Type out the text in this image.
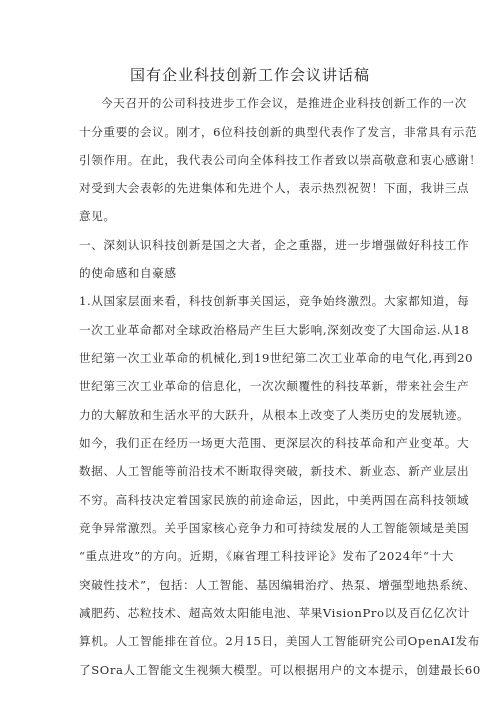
国有企业科技创新工作会议讲话稿
今天召开的公司科技进步工作会议，是推进企业科技创新工作的一次
十分重要的会议。刚才，6位科技创新的典型代表作了发言，非常具有示范
引领作用。在此，我代表公司向全体科技工作者致以崇高敬意和衷心感谢！
对受到大会表彰的先进集体和先进个人，表示热烈祝贺！下面，我讲三点
意见。
一、深刻认识科技创新是国之大者，企之重器，进一步增强做好科技工作
的使命感和自豪感
1.从国家层面来看，科技创新事关国运，竞争始终激烈。大家都知道，每
一次工业革命都对全球政治格局产生巨大影响,深刻改变了大国命运.从18
世纪第一次工业革命的机械化,到19世纪第二次工业革命的电气化,再到20
世纪第三次工业革命的信息化，一次次颠覆性的科技革新，带来社会生产
力的大解放和生活水平的大跃升，从根本上改变了人类历史的发展轨迹。
如今，我们正在经历一场更大范围、更深层次的科技革命和产业变革。大
数据、人工智能等前沿技术不断取得突破，新技术、新业态、新产业层出
不穷。高科技决定着国家民族的前途命运，因此，中美两国在高科技领域
竞争异常激烈。关乎国家核心竞争力和可持续发展的人工智能领域是美国
“重点进攻”的方向。近期，《麻省理工科技评论》发布了2024年“十大
突破性技术”，包括：人工智能、基因编辑治疗、热泵、增强型地热系统、
减肥药、芯粒技术、超高效太阳能电池、苹果VisionPro以及百亿亿次计
算机。人工智能排在首位。2月15日，美国人工智能研究公司OpenAI发布
了SOra人工智能文生视频大模型。可以根据用户的文本提示，创建最长60
